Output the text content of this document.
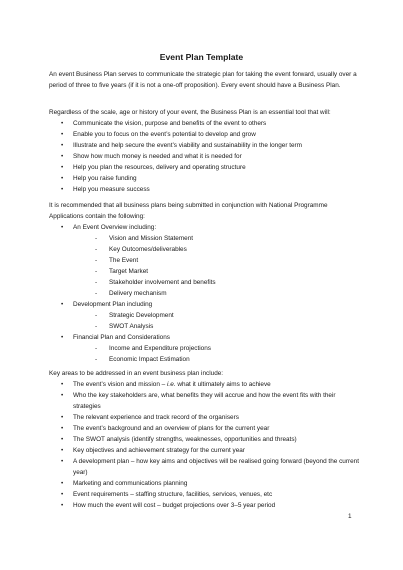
Event Plan Template
An event Business Plan serves to communicate the strategic plan for taking the event forward, usually over a period of three to five years (if it is not a one-off proposition). Every event should have a Business Plan.
Regardless of the scale, age or history of your event, the Business Plan is an essential tool that will:
• Communicate the vision, purpose and benefits of the event to others
• Enable you to focus on the event’s potential to develop and grow
• Illustrate and help secure the event’s viability and sustainability in the longer term
• Show how much money is needed and what it is needed for
• Help you plan the resources, delivery and operating structure
• Help you raise funding
• Help you measure success
It is recommended that all business plans being submitted in conjunction with National Programme Applications contain the following:
• An Event Overview including:
- Vision and Mission Statement
- Key Outcomes/deliverables
- The Event
- Target Market
- Stakeholder involvement and benefits
- Delivery mechanism
• Development Plan including
- Strategic Development
- SWOT Analysis
• Financial Plan and Considerations
- Income and Expenditure projections
- Economic Impact Estimation
Key areas to be addressed in an event business plan include:
• The event’s vision and mission – i.e. what it ultimately aims to achieve
• Who the key stakeholders are, what benefits they will accrue and how the event fits with their strategies
• The relevant experience and track record of the organisers
• The event’s background and an overview of plans for the current year
• The SWOT analysis (identify strengths, weaknesses, opportunities and threats)
• Key objectives and achievement strategy for the current year
• A development plan – how key aims and objectives will be realised going forward (beyond the current year)
• Marketing and communications planning
• Event requirements – staffing structure, facilities, services, venues, etc
• How much the event will cost – budget projections over 3–5 year period
1
